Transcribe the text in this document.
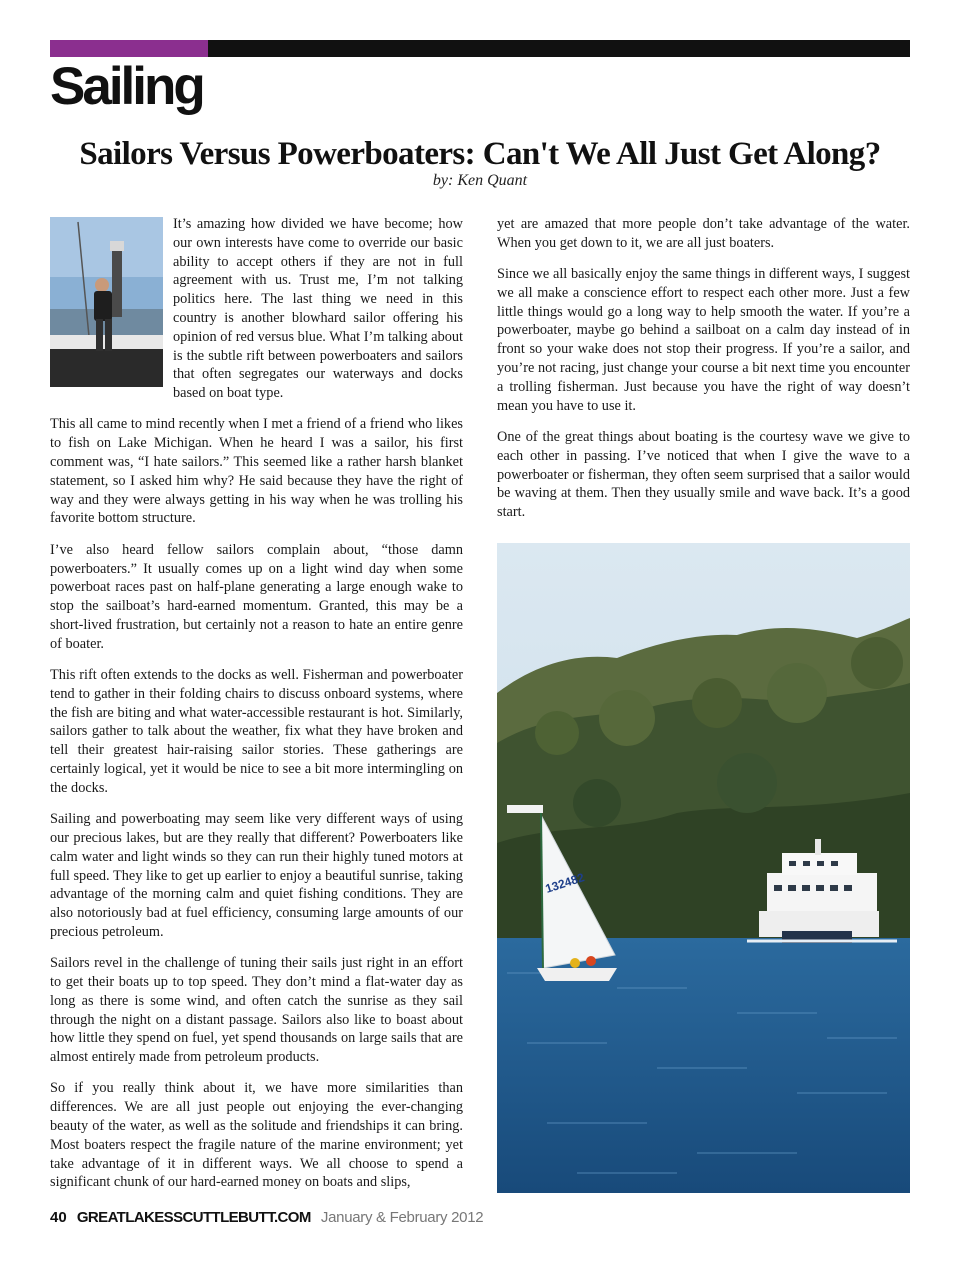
Sailing
Sailors Versus Powerboaters: Can't We All Just Get Along?
by: Ken Quant

It’s amazing how divided we have become; how our own interests have come to override our basic ability to accept others if they are not in full agreement with us. Trust me, I’m not talking politics here. The last thing we need in this country is another blowhard sailor offering his opinion of red versus blue. What I’m talking about is the subtle rift between powerboaters and sailors that often segregates our waterways and docks based on boat type.

This all came to mind recently when I met a friend of a friend who likes to fish on Lake Michigan. When he heard I was a sailor, his first comment was, “I hate sailors.” This seemed like a rather harsh blanket statement, so I asked him why? He said because they have the right of way and they were always getting in his way when he was trolling his favorite bottom structure.

I’ve also heard fellow sailors complain about, “those damn powerboaters.” It usually comes up on a light wind day when some powerboat races past on half-plane generating a large enough wake to stop the sailboat’s hard-earned momentum. Granted, this may be a short-lived frustration, but certainly not a reason to hate an entire genre of boater.

This rift often extends to the docks as well. Fisherman and powerboater tend to gather in their folding chairs to discuss onboard systems, where the fish are biting and what water-accessible restaurant is hot. Similarly, sailors gather to talk about the weather, fix what they have broken and tell their greatest hair-raising sailor stories. These gatherings are certainly logical, yet it would be nice to see a bit more intermingling on the docks.

Sailing and powerboating may seem like very different ways of using our precious lakes, but are they really that different? Powerboaters like calm water and light winds so they can run their highly tuned motors at full speed. They like to get up earlier to enjoy a beautiful sunrise, taking advantage of the morning calm and quiet fishing conditions. They are also notoriously bad at fuel efficiency, consuming large amounts of our precious petroleum.

Sailors revel in the challenge of tuning their sails just right in an effort to get their boats up to top speed. They don’t mind a flat-water day as long as there is some wind, and often catch the sunrise as they sail through the night on a distant passage. Sailors also like to boast about how little they spend on fuel, yet spend thousands on large sails that are almost entirely made from petroleum products.

So if you really think about it, we have more similarities than differences. We are all just people out enjoying the ever-changing beauty of the water, as well as the solitude and friendships it can bring. Most boaters respect the fragile nature of the marine environment; yet take advantage of it in different ways. We all choose to spend a significant chunk of our hard-earned money on boats and slips,

yet are amazed that more people don’t take advantage of the water. When you get down to it, we are all just boaters.

Since we all basically enjoy the same things in different ways, I suggest we all make a conscience effort to respect each other more. Just a few little things would go a long way to help smooth the water. If you’re a powerboater, maybe go behind a sailboat on a calm day instead of in front so your wake does not stop their progress. If you’re a sailor, and you’re not racing, just change your course a bit next time you encounter a trolling fisherman. Just because you have the right of way doesn’t mean you have to use it.

One of the great things about boating is the courtesy wave we give to each other in passing. I’ve noticed that when I give the wave to a powerboater or fisherman, they often seem surprised that a sailor would be waving at them. Then they usually smile and wave back. It’s a good start.

132482
40 GREATLAKESSCUTTLEBUTT.COM January & February 2012
